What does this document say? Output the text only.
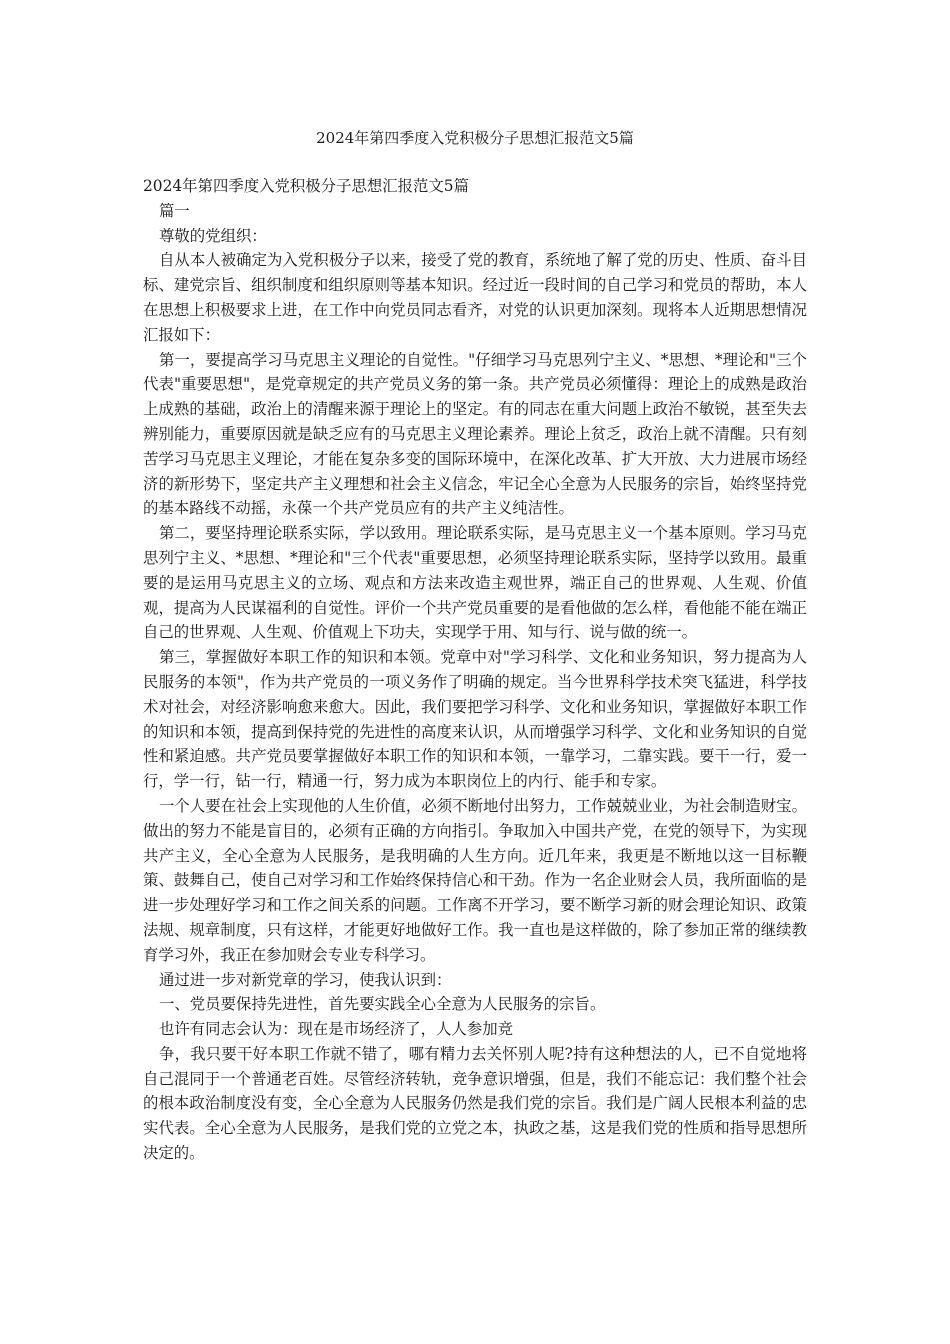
2024年第四季度入党积极分子思想汇报范文5篇

2024年第四季度入党积极分子思想汇报范文5篇

篇一

尊敬的党组织：

自从本人被确定为入党积极分子以来，接受了党的教育，系统地了解了党的历史、性质、奋斗目标、建党宗旨、组织制度和组织原则等基本知识。经过近一段时间的自己学习和党员的帮助，本人在思想上积极要求上进，在工作中向党员同志看齐，对党的认识更加深刻。现将本人近期思想情况汇报如下：

第一，要提高学习马克思主义理论的自觉性。"仔细学习马克思列宁主义、*思想、*理论和"三个代表"重要思想"，是党章规定的共产党员义务的第一条。共产党员必须懂得：理论上的成熟是政治上成熟的基础，政治上的清醒来源于理论上的坚定。有的同志在重大问题上政治不敏锐，甚至失去辨别能力，重要原因就是缺乏应有的马克思主义理论素养。理论上贫乏，政治上就不清醒。只有刻苦学习马克思主义理论，才能在复杂多变的国际环境中，在深化改革、扩大开放、大力进展市场经济的新形势下，坚定共产主义理想和社会主义信念，牢记全心全意为人民服务的宗旨，始终坚持党的基本路线不动摇，永葆一个共产党员应有的共产主义纯洁性。

第二，要坚持理论联系实际，学以致用。理论联系实际，是马克思主义一个基本原则。学习马克思列宁主义、*思想、*理论和"三个代表"重要思想，必须坚持理论联系实际，坚持学以致用。最重要的是运用马克思主义的立场、观点和方法来改造主观世界，端正自己的世界观、人生观、价值观，提高为人民谋福利的自觉性。评价一个共产党员重要的是看他做的怎么样，看他能不能在端正自己的世界观、人生观、价值观上下功夫，实现学于用、知与行、说与做的统一。

第三，掌握做好本职工作的知识和本领。党章中对"学习科学、文化和业务知识，努力提高为人民服务的本领"，作为共产党员的一项义务作了明确的规定。当今世界科学技术突飞猛进，科学技术对社会，对经济影响愈来愈大。因此，我们要把学习科学、文化和业务知识，掌握做好本职工作的知识和本领，提高到保持党的先进性的高度来认识，从而增强学习科学、文化和业务知识的自觉性和紧迫感。共产党员要掌握做好本职工作的知识和本领，一靠学习，二靠实践。要干一行，爱一行，学一行，钻一行，精通一行，努力成为本职岗位上的内行、能手和专家。

一个人要在社会上实现他的人生价值，必须不断地付出努力，工作兢兢业业，为社会制造财宝。做出的努力不能是盲目的，必须有正确的方向指引。争取加入中国共产党，在党的领导下，为实现共产主义，全心全意为人民服务，是我明确的人生方向。近几年来，我更是不断地以这一目标鞭策、鼓舞自己，使自己对学习和工作始终保持信心和干劲。作为一名企业财会人员，我所面临的是进一步处理好学习和工作之间关系的问题。工作离不开学习，要不断学习新的财会理论知识、政策法规、规章制度，只有这样，才能更好地做好工作。我一直也是这样做的，除了参加正常的继续教育学习外，我正在参加财会专业专科学习。

通过进一步对新党章的学习，使我认识到：

一、党员要保持先进性，首先要实践全心全意为人民服务的宗旨。

也许有同志会认为：现在是市场经济了，人人参加竞

争，我只要干好本职工作就不错了，哪有精力去关怀别人呢?持有这种想法的人，已不自觉地将自己混同于一个普通老百姓。尽管经济转轨，竞争意识增强，但是，我们不能忘记：我们整个社会的根本政治制度没有变，全心全意为人民服务仍然是我们党的宗旨。我们是广阔人民根本利益的忠实代表。全心全意为人民服务，是我们党的立党之本，执政之基，这是我们党的性质和指导思想所决定的。
